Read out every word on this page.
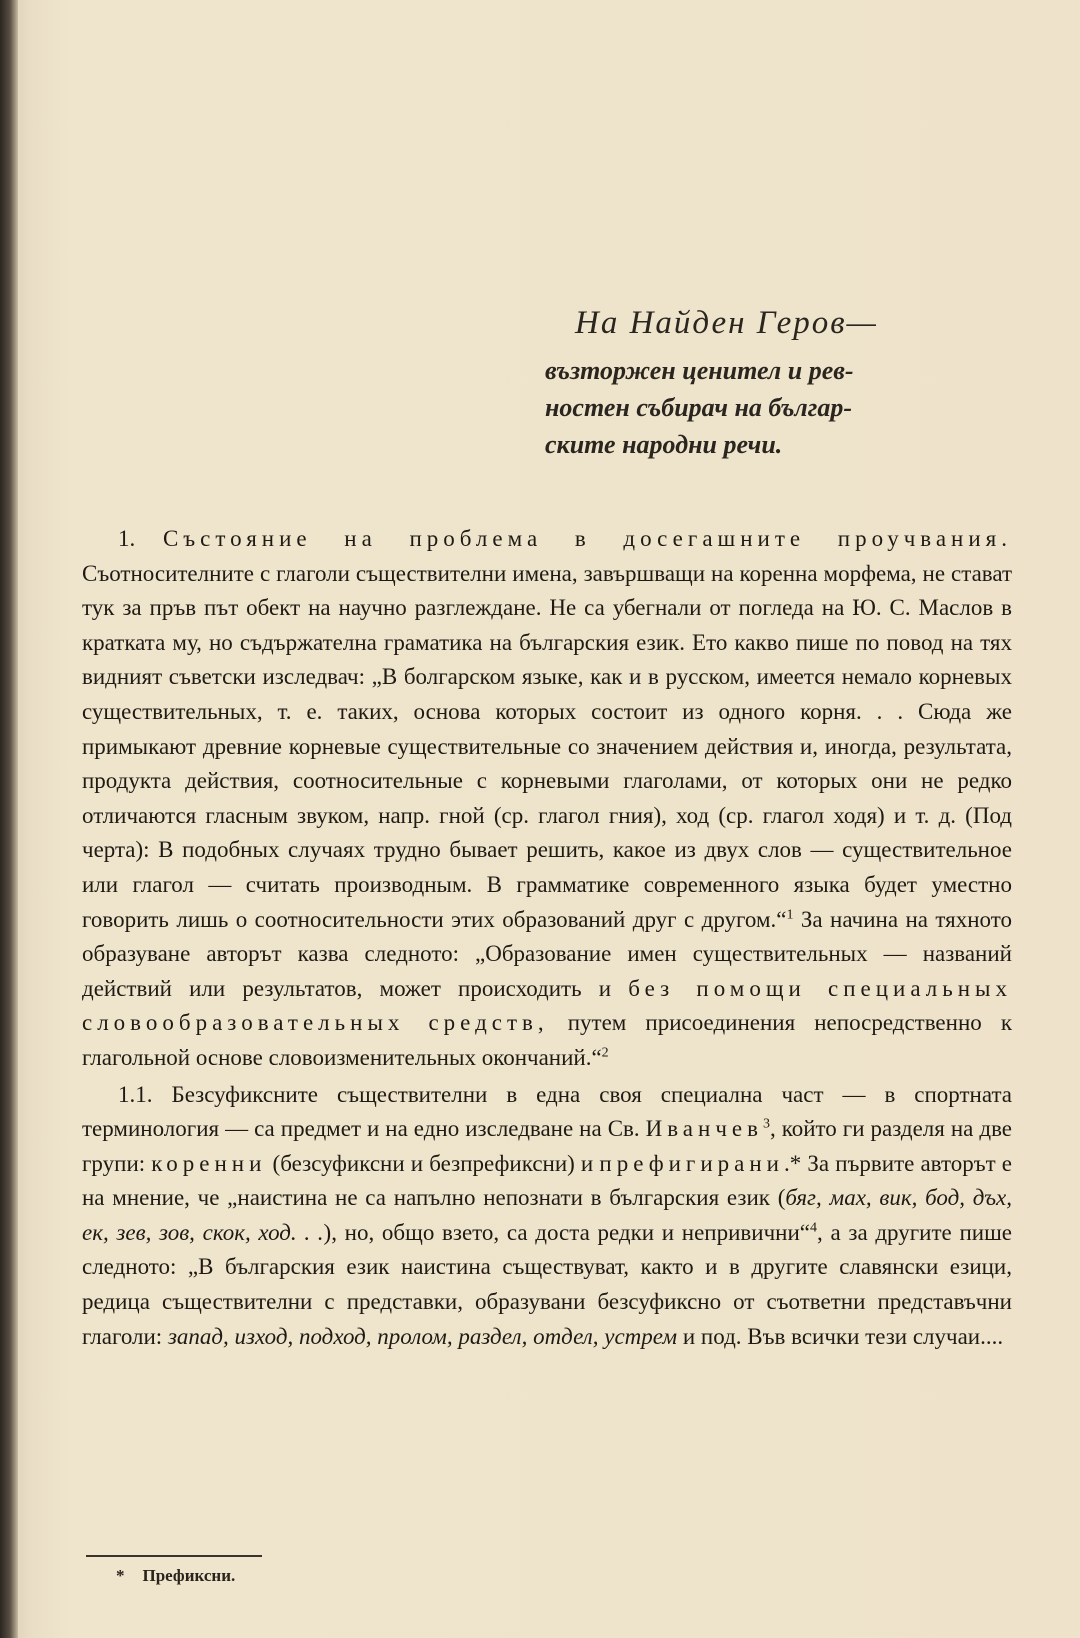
На Найден Геров—
възторжен ценител и рев-
ностен събирач на българ-
ските народни речи.

1. Състояние на проблема в досегашните проучвания. Съотносителните с глаголи съществителни имена, завършващи на коренна морфема, не стават тук за пръв път обект на научно разглеждане. Не са убегнали от погледа на Ю. С. Маслов в кратката му, но съдържателна граматика на българския език. Ето какво пише по повод на тях видният съветски изследвач: „В болгарском языке, как и в русском, имеется немало корневых существительных, т. е. таких, основа которых состоит из одного корня. . . Сюда же примыкают древние корневые существительные со значением действия и, иногда, результата, продукта действия, соотносительные с корневыми глаголами, от которых они не редко отличаются гласным звуком, напр. гной (ср. глагол гния), ход (ср. глагол ходя) и т. д. (Под черта): В подобных случаях трудно бывает решить, какое из двух слов — существительное или глагол — считать производным. В грамматике современного языка будет уместно говорить лишь о соотносительности этих образований друг с другом.“$^1$ За начина на тяхното образуване авторът казва следното: „Образование имен существительных — названий действий или результатов, может происходить и без помощи специальных словообразовательных средств, путем присоединения непосредственно к глагольной основе словоизменительных окончаний.“$^2$

1.1. Безсуфиксните съществителни в една своя специална част — в спортната терминология — са предмет и на едно изследване на Св. Иванчев$^3$, който ги разделя на две групи: коренни (безсуфиксни и безпрефиксни) и префигирани.* За първите авторът е на мнение, че „наистина не са напълно непознати в българския език (бяг, мах, вик, бод, дъх, ек, зев, зов, скок, ход. . .), но, общо взето, са доста редки и непривични“$^4$, а за другите пише следното: „В българския език наистина съществуват, както и в другите славянски езици, редица съществителни с представки, образувани безсуфиксно от съответни представъчни глаголи: запад, изход, подход, пролом, раздел, отдел, устрем и под. Във всички тези случаи....

* Префиксни.
